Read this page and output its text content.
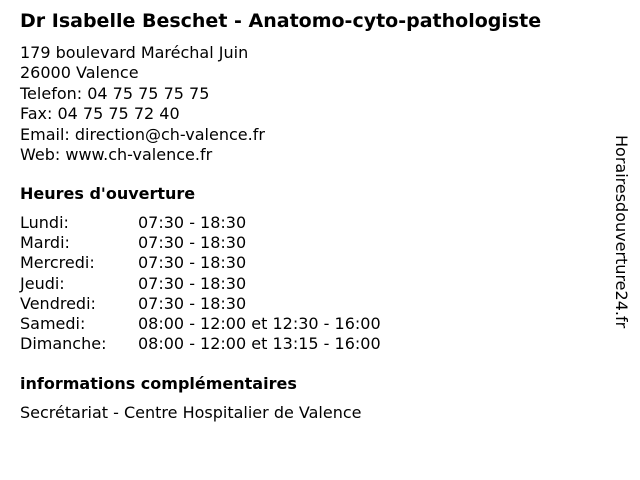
Dr Isabelle Beschet - Anatomo-cyto-pathologiste
179 boulevard Maréchal Juin
26000 Valence
Telefon: 04 75 75 75 75
Fax: 04 75 75 72 40
Email: direction@ch-valence.fr
Web: www.ch-valence.fr
Heures d'ouverture
Lundi:	07:30 - 18:30
Mardi:	07:30 - 18:30
Mercredi:	07:30 - 18:30
Jeudi:	07:30 - 18:30
Vendredi:	07:30 - 18:30
Samedi:	08:00 - 12:00 et 12:30 - 16:00
Dimanche:	08:00 - 12:00 et 13:15 - 16:00
informations complémentaires
Secrétariat - Centre Hospitalier de Valence
Horairesdouverture24.fr
